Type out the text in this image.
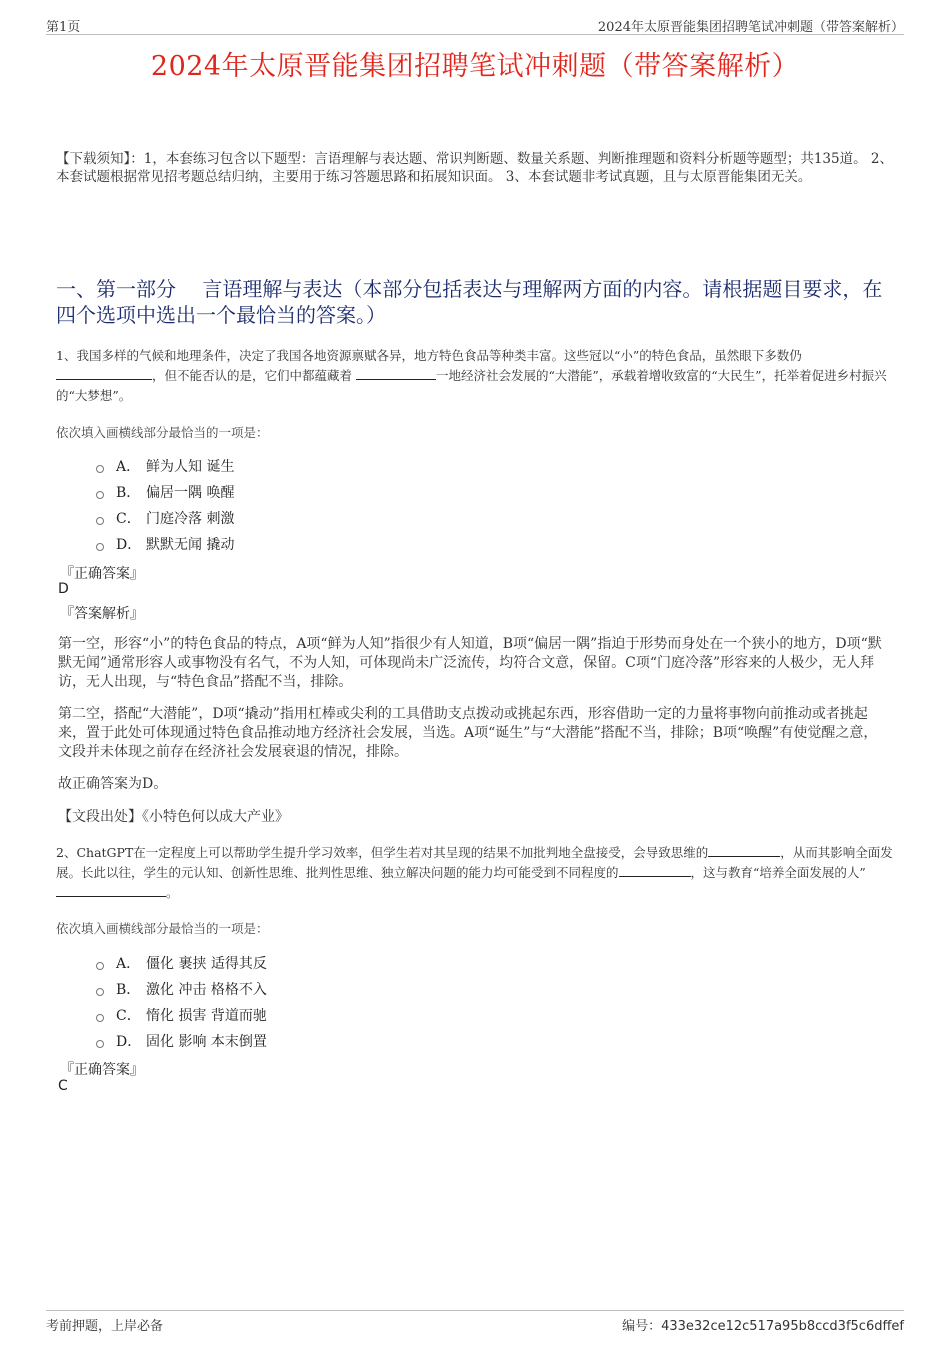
第1页	2024年太原晋能集团招聘笔试冲刺题（带答案解析）
2024年太原晋能集团招聘笔试冲刺题（带答案解析）
【下载须知】：1，本套练习包含以下题型：言语理解与表达题、常识判断题、数量关系题、判断推理题和资料分析题等题型；共135道。 2、本套试题根据常见招考题总结归纳，主要用于练习答题思路和拓展知识面。 3、本套试题非考试真题，且与太原晋能集团无关。
一、第一部分　 言语理解与表达（本部分包括表达与理解两方面的内容。请根据题目要求，在四个选项中选出一个最恰当的答案。）
1、我国多样的气候和地理条件，决定了我国各地资源禀赋各异，地方特色食品等种类丰富。这些冠以“小”的特色食品，虽然眼下多数仍
，但不能否认的是，它们中都蕴藏着	一地经济社会发展的“大潜能”，承载着增收致富的“大民生”，托举着促进乡村振兴的“大梦想”。
依次填入画横线部分最恰当的一项是：
A． 鲜为人知 诞生
B． 偏居一隅 唤醒
C． 门庭冷落 刺激
D． 默默无闻 撬动
『正确答案』
D
『答案解析』
第一空，形容“小”的特色食品的特点，A项“鲜为人知”指很少有人知道，B项“偏居一隅”指迫于形势而身处在一个狭小的地方，D项“默默无闻”通常形容人或事物没有名气，不为人知，可体现尚未广泛流传，均符合文意，保留。C项“门庭冷落”形容来的人极少，无人拜访，无人出现，与“特色食品”搭配不当，排除。
第二空，搭配“大潜能”，D项“撬动”指用杠棒或尖利的工具借助支点拨动或挑起东西，形容借助一定的力量将事物向前推动或者挑起来，置于此处可体现通过特色食品推动地方经济社会发展，当选。A项“诞生”与“大潜能”搭配不当，排除；B项“唤醒”有使觉醒之意，文段并未体现之前存在经济社会发展衰退的情况，排除。
故正确答案为D。
【文段出处】《小特色何以成大产业》
2、ChatGPT在一定程度上可以帮助学生提升学习效率，但学生若对其呈现的结果不加批判地全盘接受，会导致思维的	，从而其影响全面发展。长此以往，学生的元认知、创新性思维、批判性思维、独立解决问题的能力均可能受到不同程度的	，这与教育“培养全面发展的人”。
依次填入画横线部分最恰当的一项是：
A． 僵化 裹挟 适得其反
B． 激化 冲击 格格不入
C． 惰化 损害 背道而驰
D． 固化 影响 本末倒置
『正确答案』
C
考前押题，上岸必备	编号：433e32ce12c517a95b8ccd3f5c6dffef
